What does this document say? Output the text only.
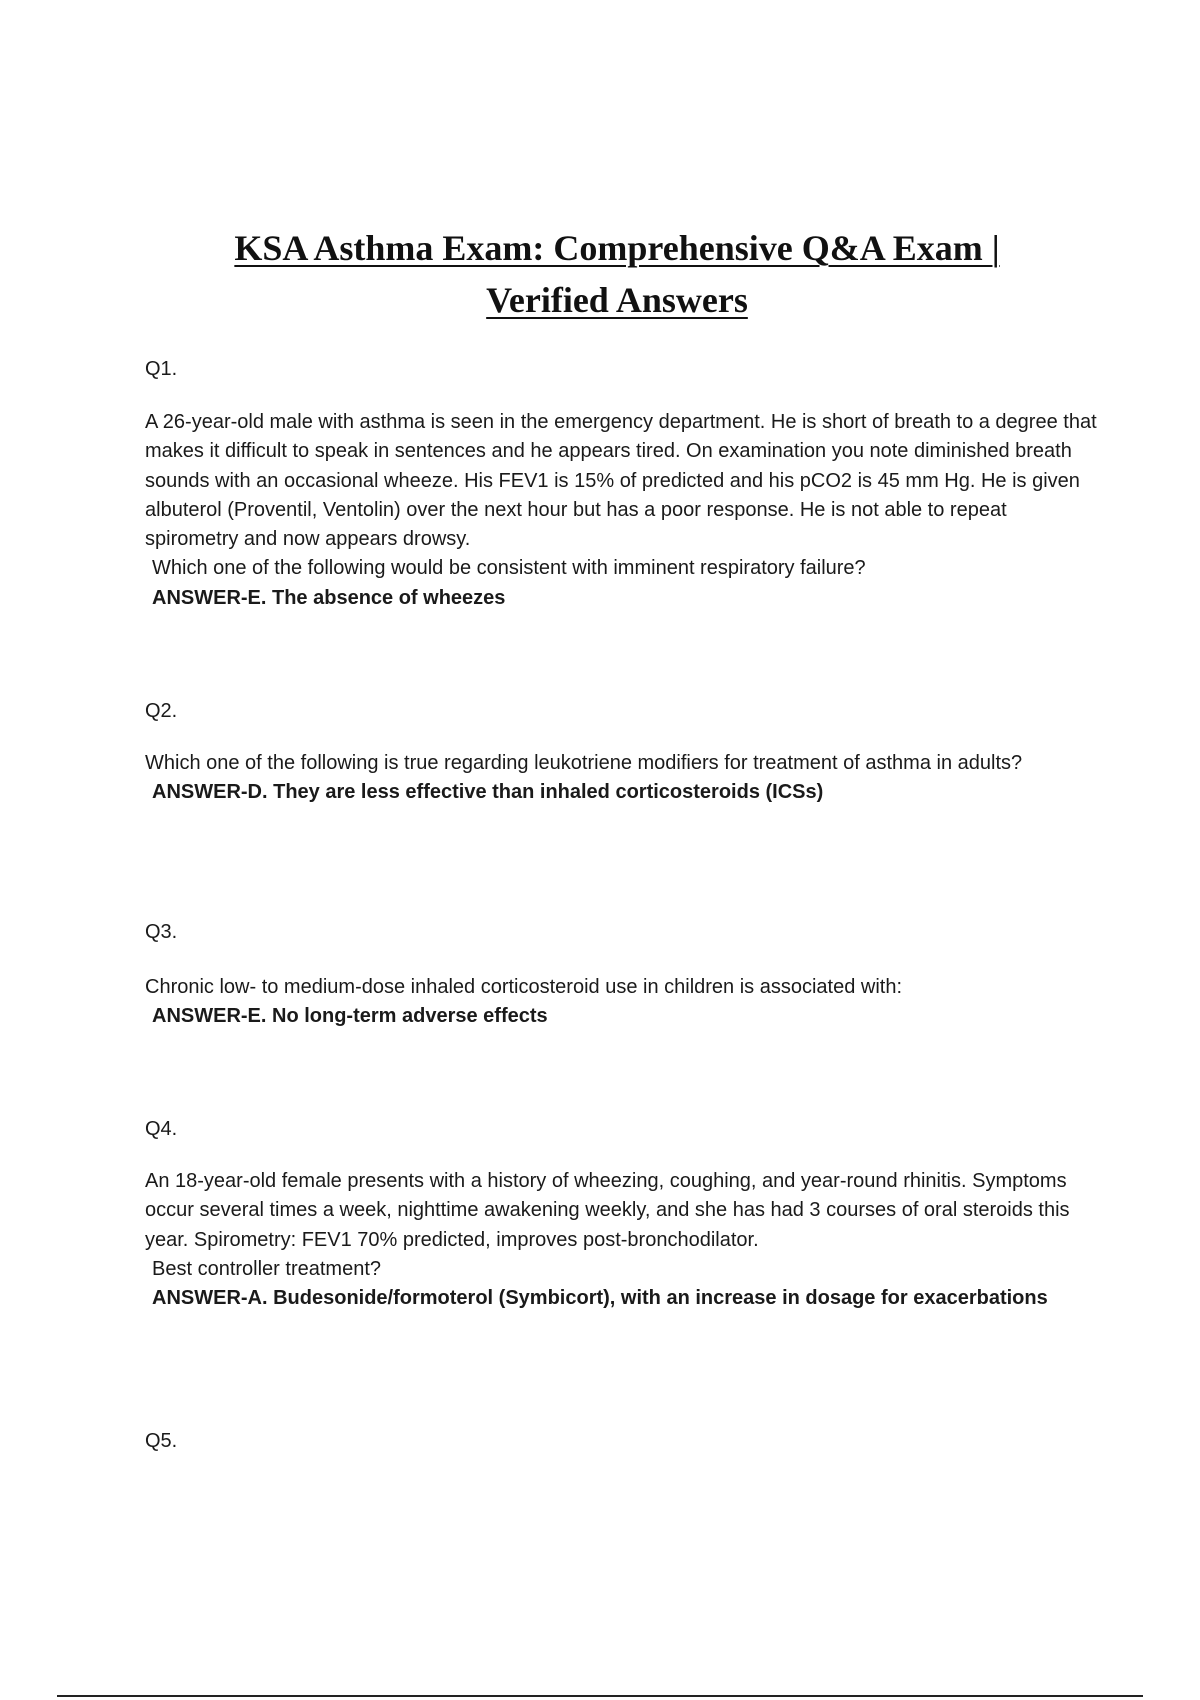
KSA Asthma Exam: Comprehensive Q&A Exam |
Verified Answers
Q1.

A 26-year-old male with asthma is seen in the emergency department. He is short of breath to a degree that makes it difficult to speak in sentences and he appears tired. On examination you note diminished breath sounds with an occasional wheeze. His FEV1 is 15% of predicted and his pCO2 is 45 mm Hg. He is given albuterol (Proventil, Ventolin) over the next hour but has a poor response. He is not able to repeat spirometry and now appears drowsy.

Which one of the following would be consistent with imminent respiratory failure?

ANSWER-E. The absence of wheezes

Q2.

Which one of the following is true regarding leukotriene modifiers for treatment of asthma in adults?

ANSWER-D. They are less effective than inhaled corticosteroids (ICSs)

Q3.

Chronic low- to medium-dose inhaled corticosteroid use in children is associated with:

ANSWER-E. No long-term adverse effects

Q4.

An 18-year-old female presents with a history of wheezing, coughing, and year-round rhinitis. Symptoms occur several times a week, nighttime awakening weekly, and she has had 3 courses of oral steroids this year. Spirometry: FEV1 70% predicted, improves post-bronchodilator.

Best controller treatment?

ANSWER-A. Budesonide/formoterol (Symbicort), with an increase in dosage for exacerbations

Q5.
